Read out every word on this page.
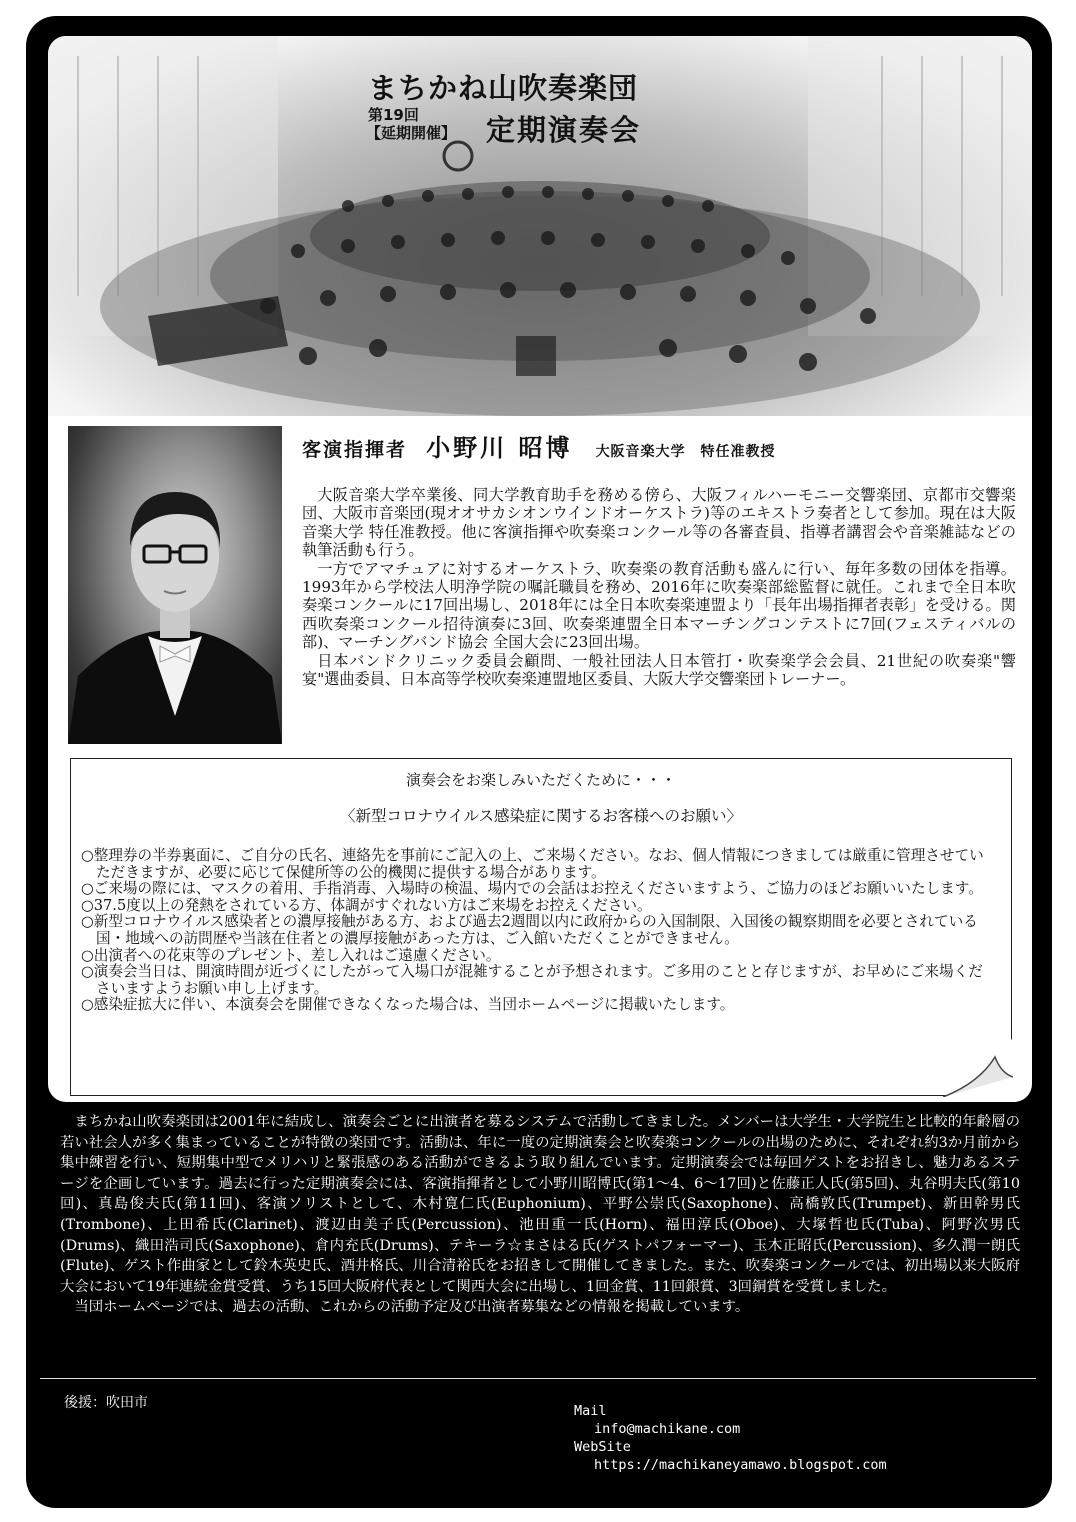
まちかね山吹奏楽団
第19回
【延期開催】 定期演奏会
客演指揮者 小野川 昭博 大阪音楽大学　特任准教授

大阪音楽大学卒業後、同大学教育助手を務める傍ら、大阪フィルハーモニー交響楽団、京都市交響楽団、大阪市音楽団(現オオサカシオンウインドオーケストラ)等のエキストラ奏者として参加。現在は大阪音楽大学 特任准教授。他に客演指揮や吹奏楽コンクール等の各審査員、指導者講習会や音楽雑誌などの執筆活動も行う。

一方でアマチュアに対するオーケストラ、吹奏楽の教育活動も盛んに行い、毎年多数の団体を指導。1993年から学校法人明浄学院の嘱託職員を務め、2016年に吹奏楽部総監督に就任。これまで全日本吹奏楽コンクールに17回出場し、2018年には全日本吹奏楽連盟より「長年出場指揮者表彰」を受ける。関西吹奏楽コンクール招待演奏に3回、吹奏楽連盟全日本マーチングコンテストに7回(フェスティバルの部)、マーチングバンド協会 全国大会に23回出場。

日本バンドクリニック委員会顧問、一般社団法人日本管打・吹奏楽学会会員、21世紀の吹奏楽"響宴"選曲委員、日本高等学校吹奏楽連盟地区委員、大阪大学交響楽団トレーナー。

演奏会をお楽しみいただくために・・・
〈新型コロナウイルス感染症に関するお客様へのお願い〉
○整理券の半券裏面に、ご自分の氏名、連絡先を事前にご記入の上、ご来場ください。なお、個人情報につきましては厳重に管理させていただきますが、必要に応じて保健所等の公的機関に提供する場合があります。
○ご来場の際には、マスクの着用、手指消毒、入場時の検温、場内での会話はお控えくださいますよう、ご協力のほどお願いいたします。
○37.5度以上の発熱をされている方、体調がすぐれない方はご来場をお控えください。
○新型コロナウイルス感染者との濃厚接触がある方、および過去2週間以内に政府からの入国制限、入国後の観察期間を必要とされている国・地域への訪問歴や当該在住者との濃厚接触があった方は、ご入館いただくことができません。
○出演者への花束等のプレゼント、差し入れはご遠慮ください。
○演奏会当日は、開演時間が近づくにしたがって入場口が混雑することが予想されます。ご多用のことと存じますが、お早めにご来場くださいますようお願い申し上げます。
○感染症拡大に伴い、本演奏会を開催できなくなった場合は、当団ホームページに掲載いたします。

まちかね山吹奏楽団は2001年に結成し、演奏会ごとに出演者を募るシステムで活動してきました。メンバーは大学生・大学院生と比較的年齢層の若い社会人が多く集まっていることが特徴の楽団です。活動は、年に一度の定期演奏会と吹奏楽コンクールの出場のために、それぞれ約3か月前から集中練習を行い、短期集中型でメリハリと緊張感のある活動ができるよう取り組んでいます。定期演奏会では毎回ゲストをお招きし、魅力あるステージを企画しています。過去に行った定期演奏会には、客演指揮者として小野川昭博氏(第1～4、6～17回)と佐藤正人氏(第5回)、丸谷明夫氏(第10回)、真島俊夫氏(第11回)、客演ソリストとして、木村寛仁氏(Euphonium)、平野公崇氏(Saxophone)、高橋敦氏(Trumpet)、新田幹男氏(Trombone)、上田希氏(Clarinet)、渡辺由美子氏(Percussion)、池田重一氏(Horn)、福田淳氏(Oboe)、大塚哲也氏(Tuba)、阿野次男氏(Drums)、織田浩司氏(Saxophone)、倉内充氏(Drums)、テキーラ☆まさはる氏(ゲストパフォーマー)、玉木正昭氏(Percussion)、多久潤一朗氏(Flute)、ゲスト作曲家として鈴木英史氏、酒井格氏、川合清裕氏をお招きして開催してきました。また、吹奏楽コンクールでは、初出場以来大阪府大会において19年連続金賞受賞、うち15回大阪府代表として関西大会に出場し、1回金賞、11回銀賞、3回銅賞を受賞しました。

当団ホームページでは、過去の活動、これからの活動予定及び出演者募集などの情報を掲載しています。

後援：吹田市	Mail
info@machikane.com
WebSite
https://machikaneyamawo.blogspot.com
